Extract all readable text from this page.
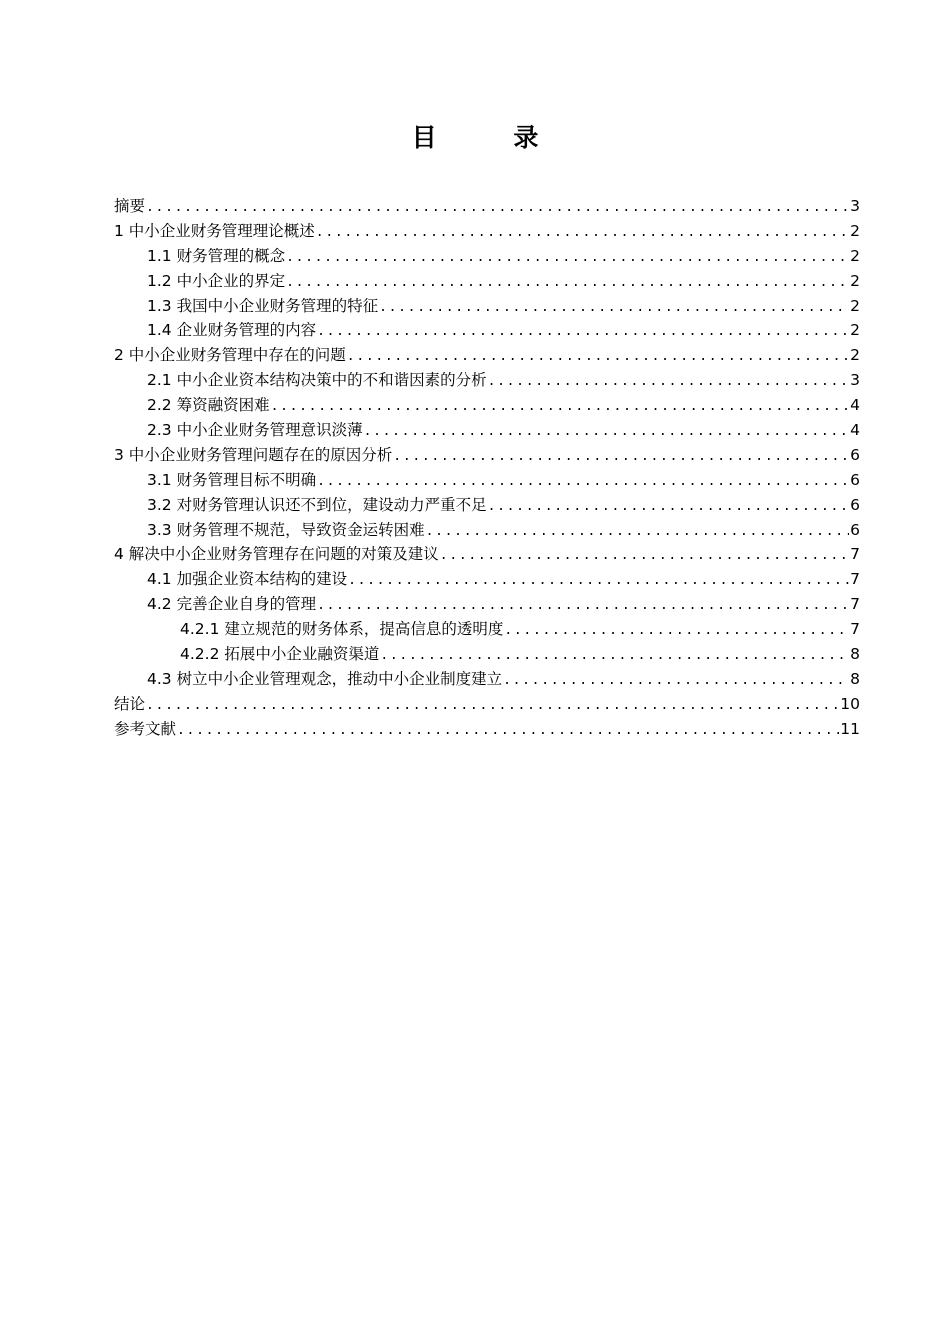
目 录
摘要 .....	3
1 中小企业财务管理理论概述 .....	2
1.1 财务管理的概念 .....	2
1.2 中小企业的界定 .....	2
1.3 我国中小企业财务管理的特征 .....	2
1.4 企业财务管理的内容 .....	2
2 中小企业财务管理中存在的问题 .....	2
2.1 中小企业资本结构决策中的不和谐因素的分析 .....	3
2.2 筹资融资困难 .....	4
2.3 中小企业财务管理意识淡薄 .....	4
3 中小企业财务管理问题存在的原因分析 .....	6
3.1 财务管理目标不明确 .....	6
3.2 对财务管理认识还不到位，建设动力严重不足 .....	6
3.3 财务管理不规范，导致资金运转困难 .....	6
4 解决中小企业财务管理存在问题的对策及建议 .....	7
4.1 加强企业资本结构的建设 .....	7
4.2 完善企业自身的管理 .....	7
4.2.1 建立规范的财务体系，提高信息的透明度 .....	7
4.2.2 拓展中小企业融资渠道 .....	8
4.3 树立中小企业管理观念，推动中小企业制度建立 .....	8
结论 .....	10
参考文献 .....	11
